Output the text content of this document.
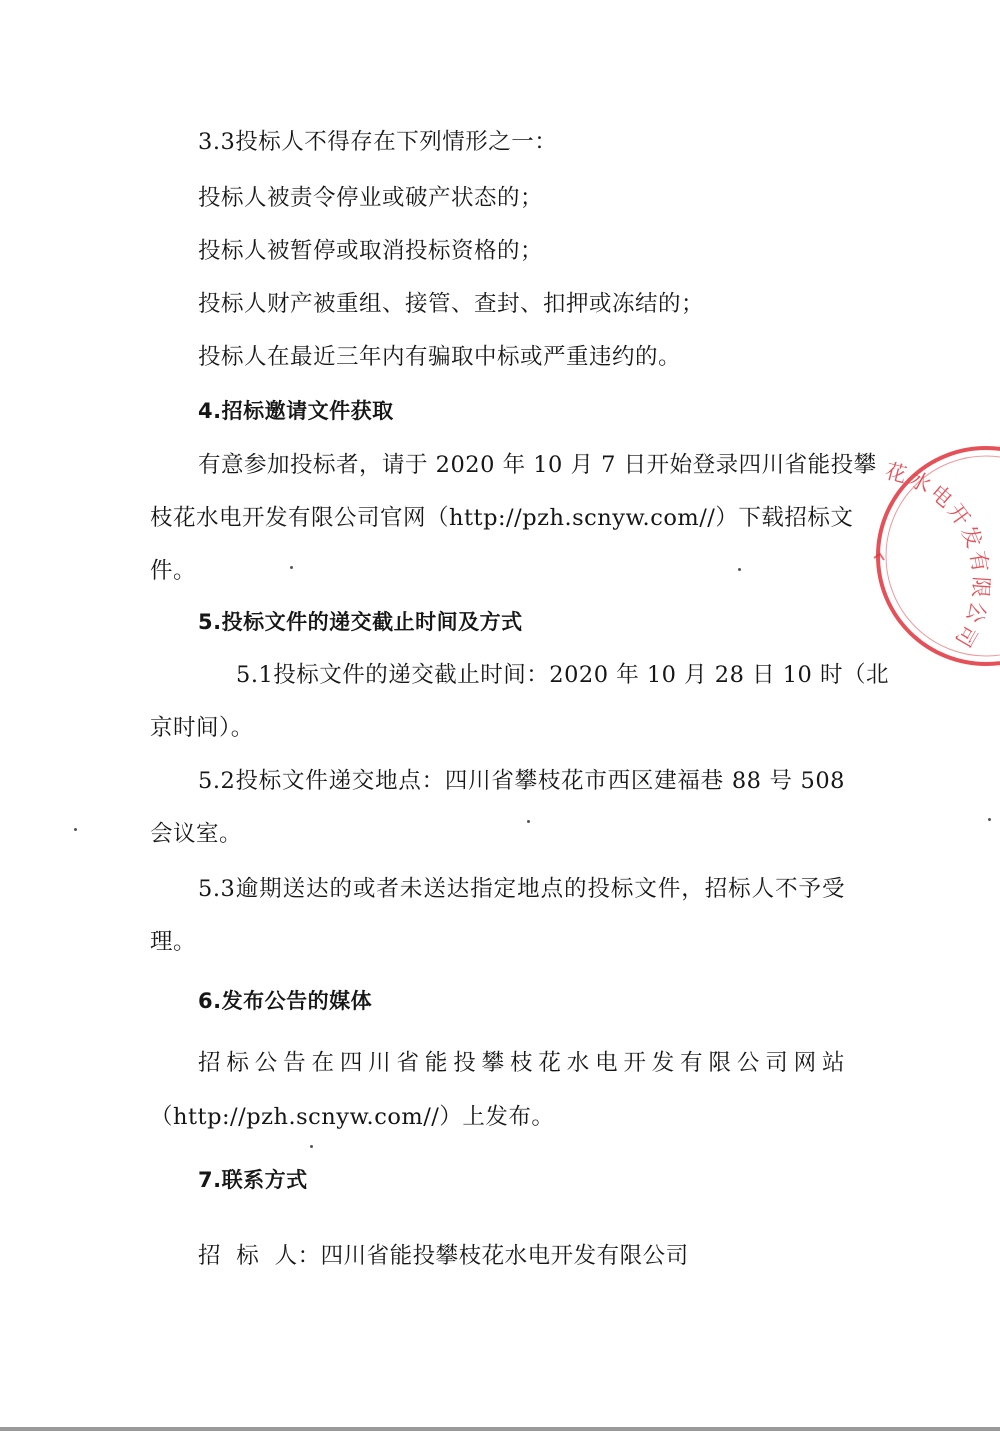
3.3投标人不得存在下列情形之一：
投标人被责令停业或破产状态的；
投标人被暂停或取消投标资格的；
投标人财产被重组、接管、查封、扣押或冻结的；
投标人在最近三年内有骗取中标或严重违约的。
4.招标邀请文件获取
有意参加投标者，请于 2020 年 10 月 7 日开始登录四川省能投攀
枝花水电开发有限公司官网（http://pzh.scnyw.com//）下载招标文
件。
5.投标文件的递交截止时间及方式
5.1投标文件的递交截止时间：2020 年 10 月 28 日 10 时（北
京时间）。
5.2投标文件递交地点：四川省攀枝花市西区建福巷 88 号 508
会议室。
5.3逾期送达的或者未送达指定地点的投标文件，招标人不予受
理。
6.发布公告的媒体
招标公告在四川省能投攀枝花水电开发有限公司网站
（http://pzh.scnyw.com//）上发布。
7.联系方式
招  标  人：四川省能投攀枝花水电开发有限公司
花水电开发有限公司
